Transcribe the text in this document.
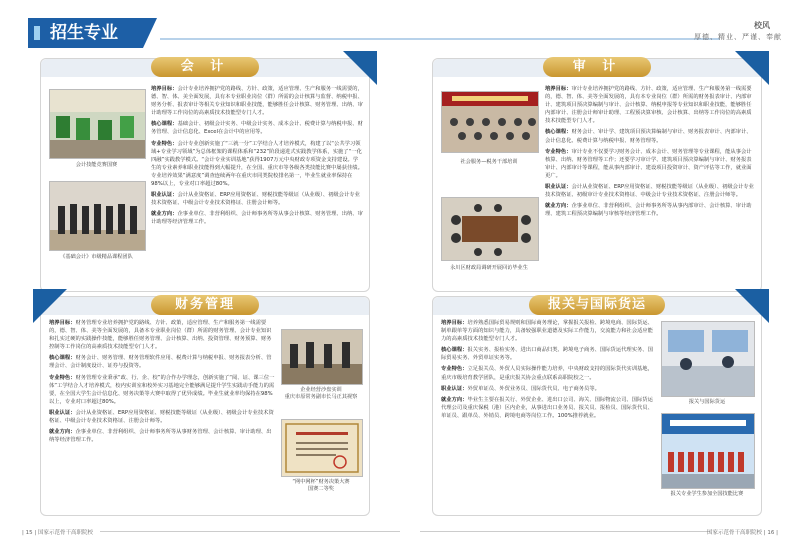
招生专业	校风
厚德、精业、严谨、奉献
会 计
会计技能竞赛国赛
《基础会计》市级精品课程团队

培养目标：会计专业培养拥护党的路线、方针、政策，适应管理、生产和服务一线需要的，德、智、体、美全面发展，具有本专业职业岗位（群）所需的会计核算与监督、纳税申报、财务分析、报表审计等相关专业知识和职业技能，能够胜任会计核算、财务管理、出纳、审计助理等工作岗位的高素质技术技能型专门人才。

核心课程：基础会计、初级会计实务、中级会计实务、成本会计、税费计算与纳税申报、财务管理、会计信息化、Excel在会计中的应用等。

专业特色：会计专业创新实施了“三就一分”工学结合人才培养模式，构建了以“公共学习领域+专业学习领域”为总体框架的课程体系和“232”阶段递进式实践教学体系，实施了“一化四融”实践教学模式。“会计专业实训基地”获得1907万元中央财政专项资金支持建设。学生的专业素养和职业技能得到大幅提升，在全国、重庆市等各级各类技能比赛中屡获佳绩。专业培养效果“满意度”调查连续两年在重庆市同类院校排名第一，毕业生就业率保持在98%以上，专业对口率超过80%。

职业认证：会计从业资格证、ERP应用资格证、财税技能等级证（从业级）、初级会计专业技术资格证、中级会计专业技术资格证、注册会计师等。

就业方向：企事业单位、非营利组织、会计师事务所等从事会计核算、财务管理、出纳、审计助理等经济管理工作。

审 计
社会服务—税务干部培训
永川区财政局调研开展回访毕业生

培养目标：审计专业培养拥护党的路线、方针、政策，适应管理、生产和服务第一线需要的，德、智、体、美等全面发展的，具有本专业岗位（群）所需的财务报表审计、内部审计、建筑项目预决算编制与审计、会计核算、纳税申报等专业知识和职业技能，能够胜任内部审计、注册会计师审计助理、工程预决算审核、会计核算、出纳等工作岗位的高素质技术技能型专门人才。

核心课程：财务会计、审计学、建筑项目预决算编制与审计、财务报表审计、内部审计、会计信息化、税费计算与纳税申报、财务管理等。

专业特色：审计专业不仅要学习财务会计、成本会计、财务管理等专业课程，能从事会计核算、出纳、财务管理等工作；还要学习审计学、建筑项目预决算编制与审计、财务报表审计、内部审计等课程，能从事内部审计、建设项目投资审计、资产评估等工作，就业面更广。

职业认证：会计从业资格证、ERP应用资格证、财税技能等级证（从业级）、初级会计专业技术资格证、初级审计专业技术资格证、中级会计专业技术资格证、注册会计师等。

就业方向：企事业单位、非营利组织、会计师事务所等从事内部审计、会计核算、审计助理、建筑工程预决算编制与审核等经济管理工作。

财务管理

培养目标：财务管理专业培养拥护党的路线、方针、政策，适应管理、生产和服务第一线需要的，德、智、体、美等全面发展的，具备本专业职业岗位（群）所需的财务管理、会计专业知识和扎实过硬的实践操作技能，能够胜任财务管理、会计核算、出纳、投资管理、财务预算、财务控制等工作岗位的高素质技术技能型专门人才。

核心课程：财务会计、财务管理、财务管理软件应用、税费计算与纳税申报、财务报表分析、管理会计、会计制度设计、证券与投资等。

专业特色：财务管理专业秉承“政、行、企、校”的合作办学理念，创新实施了“阅、证、课三位一体”工学结合人才培养模式，校内实训室和校外实习基地完全能够满足提升学生实践动手能力的需要，在全国大学生会计信息化、财务决策等大赛中取得了优异成绩。毕业生就业率均保持在98%以上，专业对口率超过80%。

职业认证：会计从业资格证、ERP应用资格证、财税技能等级证（从业级）、初级会计专业技术资格证、中级会计专业技术资格证、注册会计师等。

就业方向：企事业单位、非营利组织、会计师事务所等从事财务管理、会计核算、审计助理、出纳等经济管理工作。

企业经营沙盘实训
重庆市原常务副市长马正其视察
“网中网杯”财务决策大赛
国赛二等奖
报关与国际货运

培养目标：培养熟悉国际贸易规则和国际商务理论，掌握报关报检、跨境电商、国际货运、制单跟单等方面的知识与能力，具备较强职业道德及实际工作能力，交流能力和社会适应能力的高素质技术技能型专门人才。

核心课程：报关实务、报检实务、进出口商品归类、跨境电子商务、国际货运代理实务、国际贸易实务、外贸单证实务等。

专业特色：立足报关员、外贸人员实际操作能力培养，中央财政支持的国际货代实训基地，重庆市级培育教学团队，是重庆报关协会重点联系高职院校之一。

职业认证：外贸单证员、外贸业务员、国际货代员、电子商务员等。

就业方向：毕业生主要在报关行、外贸企业、进出口公司、海关、国际物流公司、国际货运代理公司及重庆保税（港）区内企业，从事进出口业务员、报关员、报检员、国际货代员、单证员、跟单员、外销员、跨境电商等岗位工作。100%推荐就业。

报关与国际货运
报关专业学生参加全国技能比赛
| 15 | 国家示范骨干高职院校	国家示范骨干高职院校 | 16 |
